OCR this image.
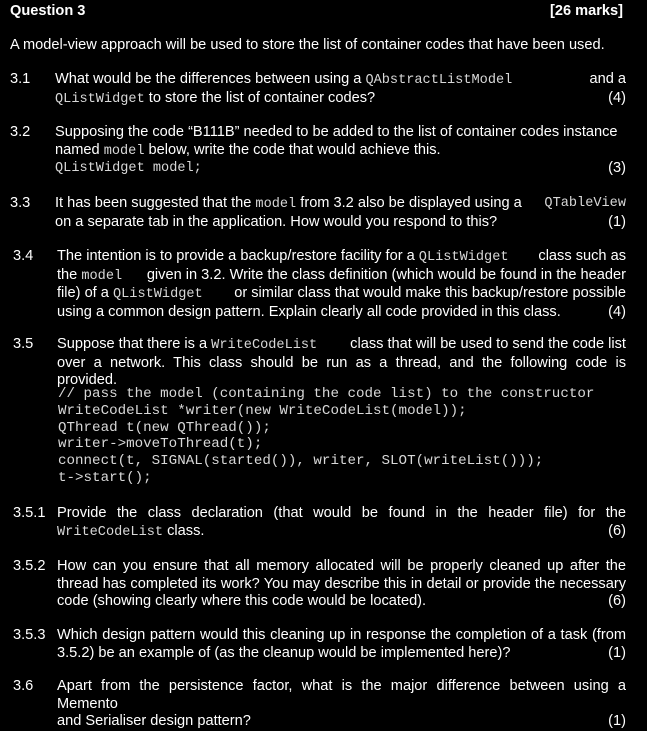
Question 3	[26 marks]
A model-view approach will be used to store the list of container codes that have been used.
3.1 What would be the differences between using a QAbstractListModel	and a
QListWidget to store the list of container codes?	(4)
3.2 Supposing the code “B111B” needed to be added to the list of container codes instance
named model below, write the code that would achieve this.
QListWidget model;	(3)
3.3 It has been suggested that the model from 3.2 also be displayed using a QTableView
on a separate tab in the application. How would you respond to this?	(1)
3.4 The intention is to provide a backup/restore facility for a QListWidget class such as
the model given in 3.2. Write the class definition (which would be found in the header
file) of a QListWidget or similar class that would make this backup/restore possible
using a common design pattern. Explain clearly all code provided in this class.	(4)
3.5 Suppose that there is a WriteCodeList class that will be used to send the code list
over a network. This class should be run as a thread, and the following code is provided.
// pass the model (containing the code list) to the constructor
WriteCodeList *writer(new WriteCodeList(model));
QThread t(new QThread());
writer->moveToThread(t);
connect(t, SIGNAL(started()), writer, SLOT(writeList()));
t->start();
3.5.1 Provide the class declaration (that would be found in the header file) for the
WriteCodeList class.	(6)
3.5.2 How can you ensure that all memory allocated will be properly cleaned up after the
thread has completed its work? You may describe this in detail or provide the necessary
code (showing clearly where this code would be located).	(6)
3.5.3 Which design pattern would this cleaning up in response the completion of a task (from
3.5.2) be an example of (as the cleanup would be implemented here)?	(1)
3.6 Apart from the persistence factor, what is the major difference between using a Memento
and Serialiser design pattern?	(1)
